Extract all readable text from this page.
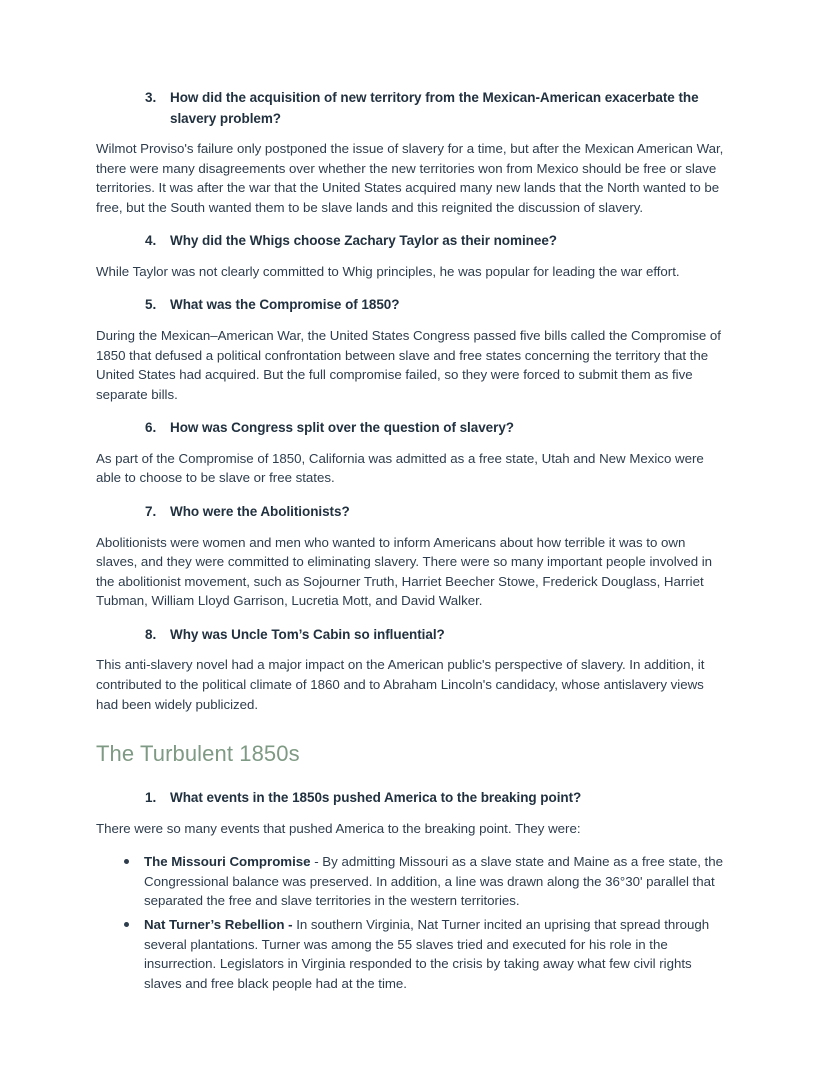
3. How did the acquisition of new territory from the Mexican-American exacerbate the slavery problem?

Wilmot Proviso's failure only postponed the issue of slavery for a time, but after the Mexican American War, there were many disagreements over whether the new territories won from Mexico should be free or slave territories. It was after the war that the United States acquired many new lands that the North wanted to be free, but the South wanted them to be slave lands and this reignited the discussion of slavery.

4. Why did the Whigs choose Zachary Taylor as their nominee?

While Taylor was not clearly committed to Whig principles, he was popular for leading the war effort.

5. What was the Compromise of 1850?

During the Mexican–American War, the United States Congress passed five bills called the Compromise of 1850 that defused a political confrontation between slave and free states concerning the territory that the United States had acquired. But the full compromise failed, so they were forced to submit them as five separate bills.

6. How was Congress split over the question of slavery?

As part of the Compromise of 1850, California was admitted as a free state, Utah and New Mexico were able to choose to be slave or free states.

7. Who were the Abolitionists?

Abolitionists were women and men who wanted to inform Americans about how terrible it was to own slaves, and they were committed to eliminating slavery. There were so many important people involved in the abolitionist movement, such as Sojourner Truth, Harriet Beecher Stowe, Frederick Douglass, Harriet Tubman, William Lloyd Garrison, Lucretia Mott, and David Walker.

8. Why was Uncle Tom’s Cabin so influential?

This anti-slavery novel had a major impact on the American public's perspective of slavery. In addition, it contributed to the political climate of 1860 and to Abraham Lincoln's candidacy, whose antislavery views had been widely publicized.

The Turbulent 1850s
1. What events in the 1850s pushed America to the breaking point?

There were so many events that pushed America to the breaking point. They were:

The Missouri Compromise - By admitting Missouri as a slave state and Maine as a free state, the Congressional balance was preserved. In addition, a line was drawn along the 36°30' parallel that separated the free and slave territories in the western territories.
Nat Turner’s Rebellion - In southern Virginia, Nat Turner incited an uprising that spread through several plantations. Turner was among the 55 slaves tried and executed for his role in the insurrection. Legislators in Virginia responded to the crisis by taking away what few civil rights slaves and free black people had at the time.
